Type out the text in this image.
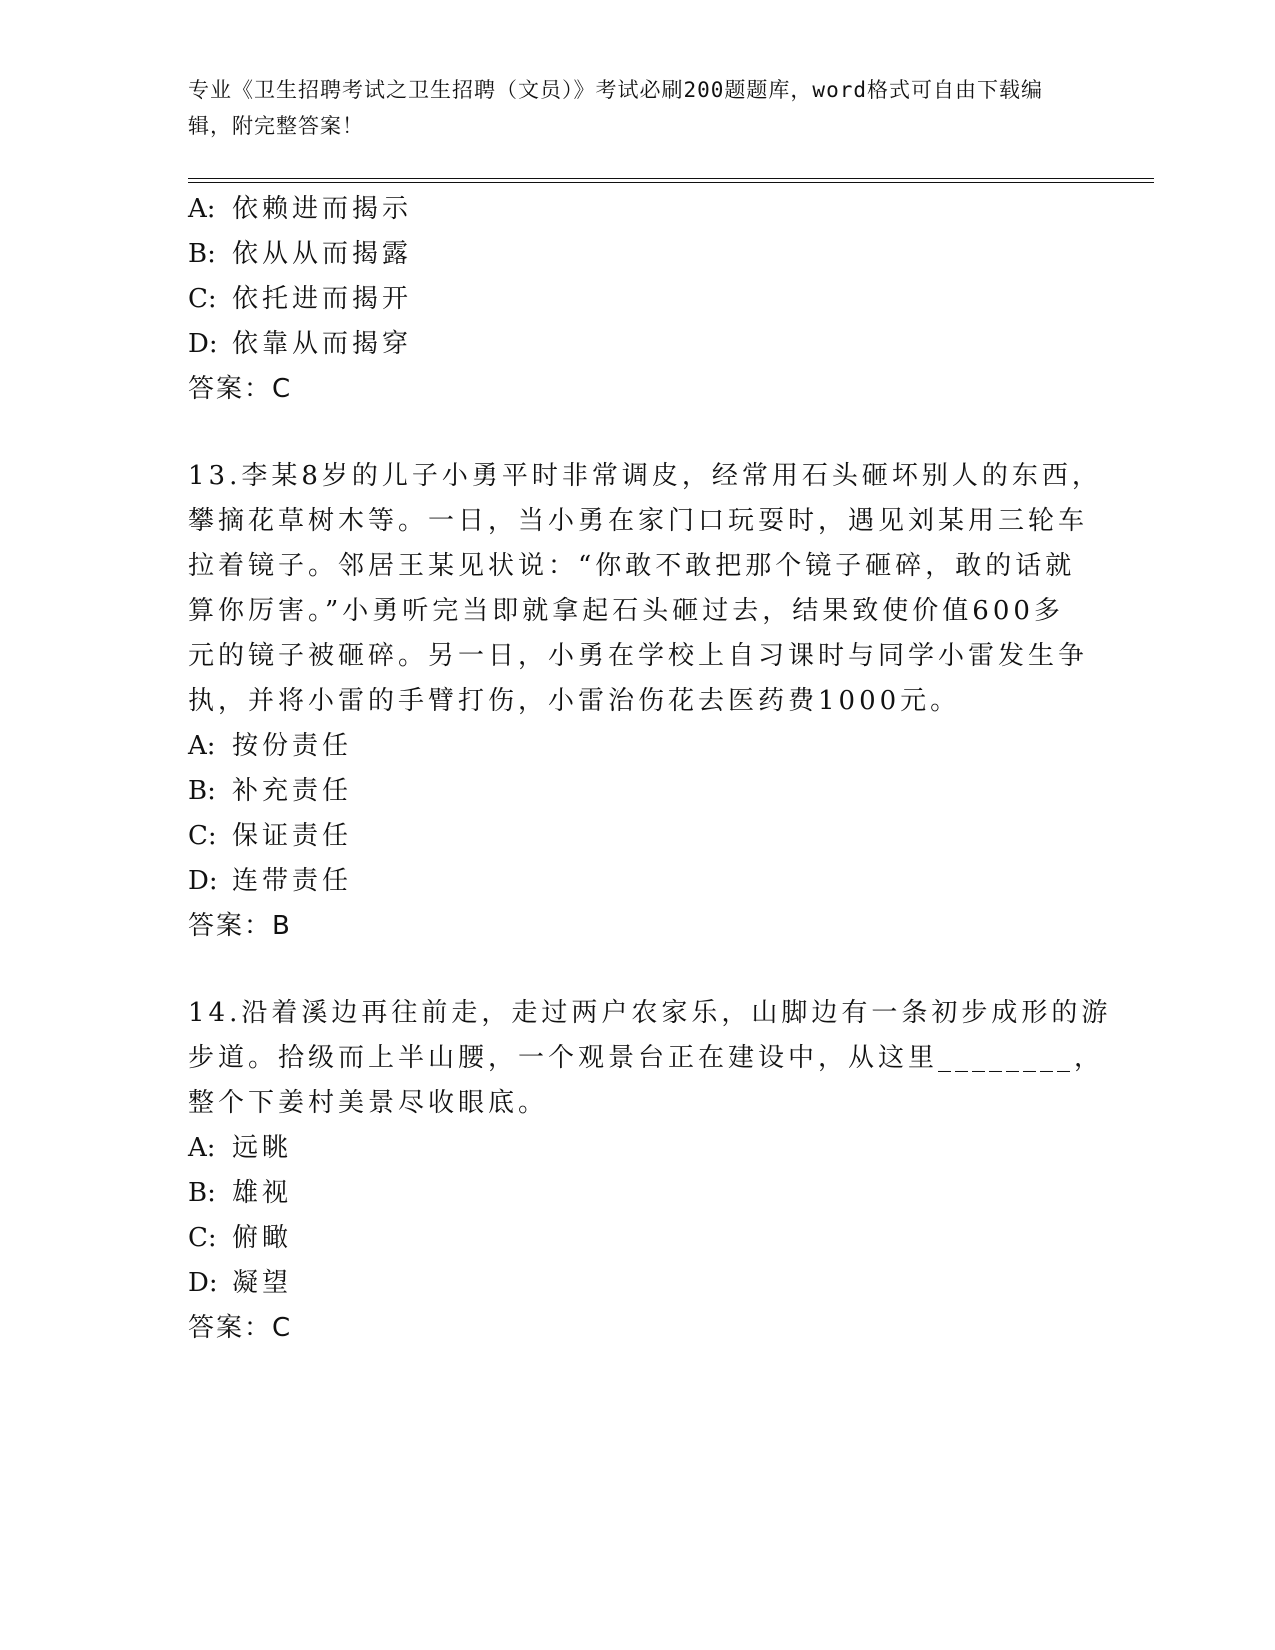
专业《卫生招聘考试之卫生招聘（文员）》考试必刷200题题库，word格式可自由下载编辑，附完整答案！
A: 依赖进而揭示
B: 依从从而揭露
C: 依托进而揭开
D: 依靠从而揭穿
答案：C
13.李某8岁的儿子小勇平时非常调皮，经常用石头砸坏别人的东西，
攀摘花草树木等。一日，当小勇在家门口玩耍时，遇见刘某用三轮车
拉着镜子。邻居王某见状说：“你敢不敢把那个镜子砸碎，敢的话就
算你厉害。”小勇听完当即就拿起石头砸过去，结果致使价值600多
元的镜子被砸碎。另一日，小勇在学校上自习课时与同学小雷发生争
执，并将小雷的手臂打伤，小雷治伤花去医药费1000元。
A: 按份责任
B: 补充责任
C: 保证责任
D: 连带责任
答案：B
14.沿着溪边再往前走，走过两户农家乐，山脚边有一条初步成形的游
步道。拾级而上半山腰，一个观景台正在建设中，从这里________，
整个下姜村美景尽收眼底。
A: 远眺
B: 雄视
C: 俯瞰
D: 凝望
答案：C
